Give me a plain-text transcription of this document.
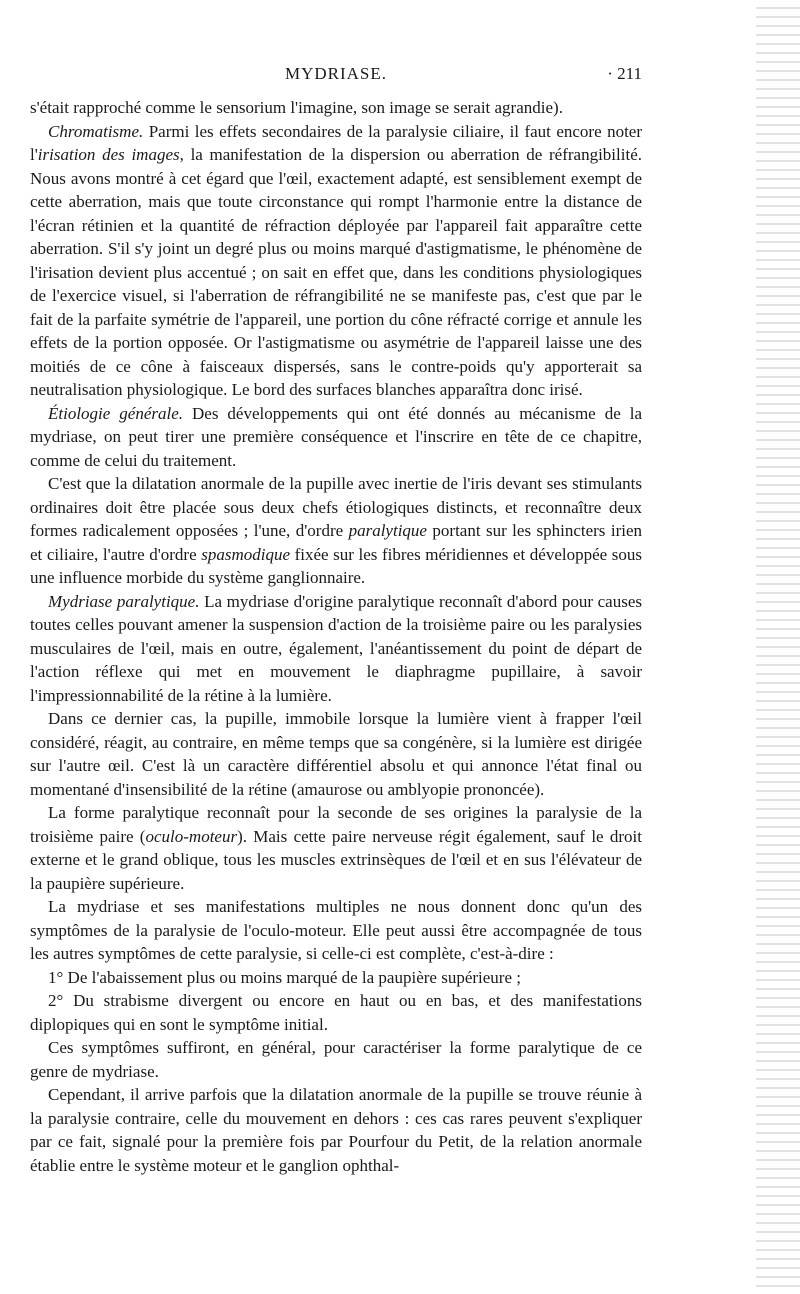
MYDRIASE.	· 211

s'était rapproché comme le sensorium l'imagine, son image se serait agrandie).

Chromatisme. Parmi les effets secondaires de la paralysie ciliaire, il faut encore noter l'irisation des images, la manifestation de la dispersion ou aberration de réfrangibilité. Nous avons montré à cet égard que l'œil, exactement adapté, est sensiblement exempt de cette aberration, mais que toute circonstance qui rompt l'harmonie entre la distance de l'écran rétinien et la quantité de réfraction déployée par l'appareil fait apparaître cette aberration. S'il s'y joint un degré plus ou moins marqué d'astigmatisme, le phénomène de l'irisation devient plus accentué ; on sait en effet que, dans les conditions physiologiques de l'exercice visuel, si l'aberration de réfrangibilité ne se manifeste pas, c'est que par le fait de la parfaite symétrie de l'appareil, une portion du cône réfracté corrige et annule les effets de la portion opposée. Or l'astigmatisme ou asymétrie de l'appareil laisse une des moitiés de ce cône à faisceaux dispersés, sans le contre-poids qu'y apporterait sa neutralisation physiologique. Le bord des surfaces blanches apparaîtra donc irisé.

Étiologie générale. Des développements qui ont été donnés au mécanisme de la mydriase, on peut tirer une première conséquence et l'inscrire en tête de ce chapitre, comme de celui du traitement.

C'est que la dilatation anormale de la pupille avec inertie de l'iris devant ses stimulants ordinaires doit être placée sous deux chefs étiologiques distincts, et reconnaître deux formes radicalement opposées ; l'une, d'ordre paralytique portant sur les sphincters irien et ciliaire, l'autre d'ordre spasmodique fixée sur les fibres méridiennes et développée sous une influence morbide du système ganglionnaire.

Mydriase paralytique. La mydriase d'origine paralytique reconnaît d'abord pour causes toutes celles pouvant amener la suspension d'action de la troisième paire ou les paralysies musculaires de l'œil, mais en outre, également, l'anéantissement du point de départ de l'action réflexe qui met en mouvement le diaphragme pupillaire, à savoir l'impressionnabilité de la rétine à la lumière.

Dans ce dernier cas, la pupille, immobile lorsque la lumière vient à frapper l'œil considéré, réagit, au contraire, en même temps que sa congénère, si la lumière est dirigée sur l'autre œil. C'est là un caractère différentiel absolu et qui annonce l'état final ou momentané d'insensibilité de la rétine (amaurose ou amblyopie prononcée).

La forme paralytique reconnaît pour la seconde de ses origines la paralysie de la troisième paire (oculo-moteur). Mais cette paire nerveuse régit également, sauf le droit externe et le grand oblique, tous les muscles extrinsèques de l'œil et en sus l'élévateur de la paupière supérieure.

La mydriase et ses manifestations multiples ne nous donnent donc qu'un des symptômes de la paralysie de l'oculo-moteur. Elle peut aussi être accompagnée de tous les autres symptômes de cette paralysie, si celle-ci est complète, c'est-à-dire :

1° De l'abaissement plus ou moins marqué de la paupière supérieure ;

2° Du strabisme divergent ou encore en haut ou en bas, et des manifestations diplopiques qui en sont le symptôme initial.

Ces symptômes suffiront, en général, pour caractériser la forme paralytique de ce genre de mydriase.

Cependant, il arrive parfois que la dilatation anormale de la pupille se trouve réunie à la paralysie contraire, celle du mouvement en dehors : ces cas rares peuvent s'expliquer par ce fait, signalé pour la première fois par Pourfour du Petit, de la relation anormale établie entre le système moteur et le ganglion ophthal-
